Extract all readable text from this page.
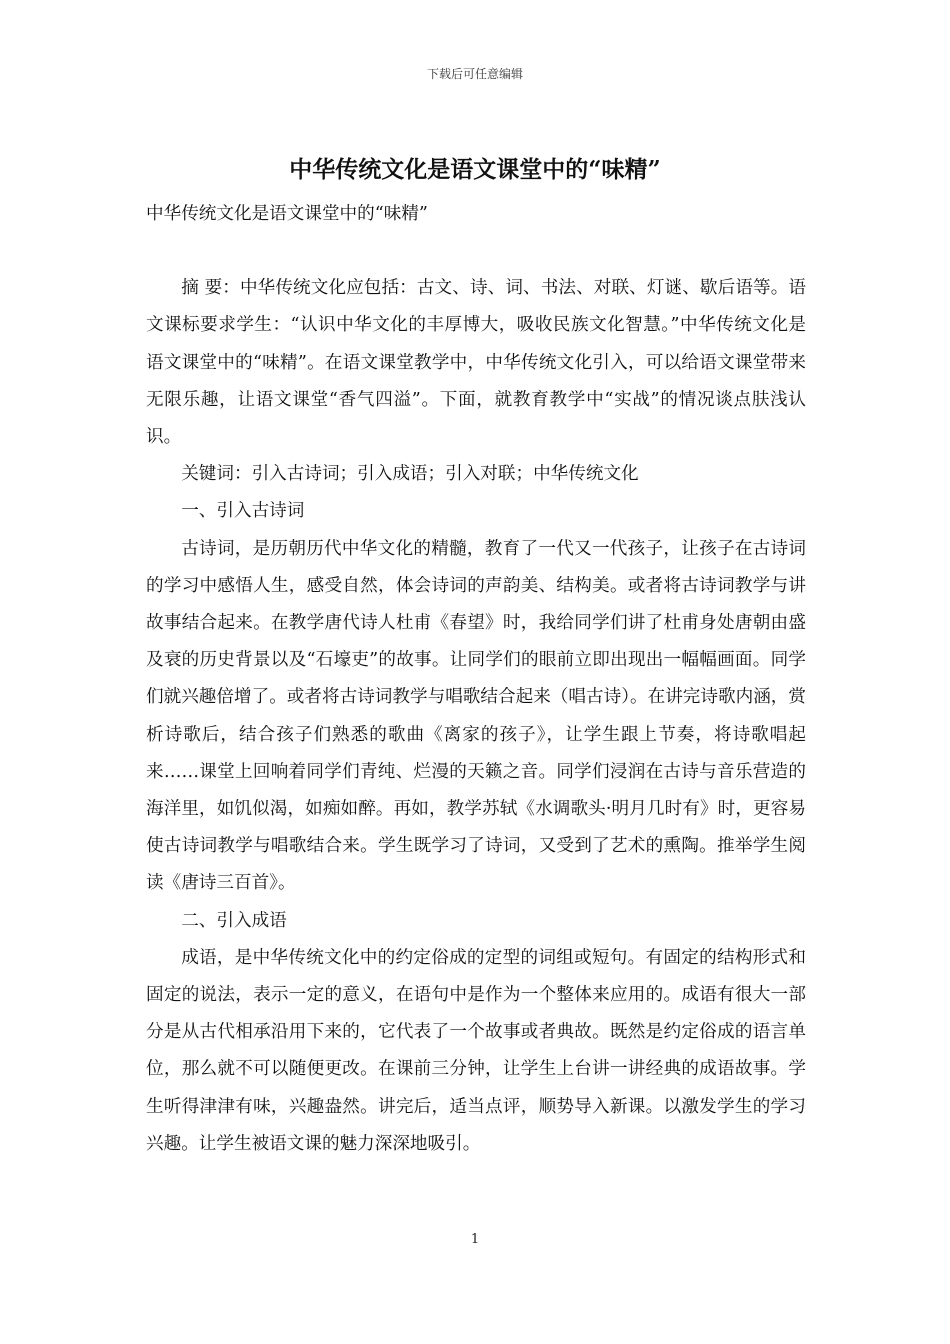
下载后可任意编辑
中华传统文化是语文课堂中的“味精”

中华传统文化是语文课堂中的“味精”

摘 要：中华传统文化应包括：古文、诗、词、书法、对联、灯谜、歇后语等。语文课标要求学生：“认识中华文化的丰厚博大，吸收民族文化智慧。”中华传统文化是语文课堂中的“味精”。在语文课堂教学中，中华传统文化引入，可以给语文课堂带来无限乐趣，让语文课堂“香气四溢”。下面，就教育教学中“实战”的情况谈点肤浅认识。

关键词：引入古诗词；引入成语；引入对联；中华传统文化

一、引入古诗词

古诗词，是历朝历代中华文化的精髓，教育了一代又一代孩子，让孩子在古诗词的学习中感悟人生，感受自然，体会诗词的声韵美、结构美。或者将古诗词教学与讲故事结合起来。在教学唐代诗人杜甫《春望》时，我给同学们讲了杜甫身处唐朝由盛及衰的历史背景以及“石壕吏”的故事。让同学们的眼前立即出现出一幅幅画面。同学们就兴趣倍增了。或者将古诗词教学与唱歌结合起来（唱古诗）。在讲完诗歌内涵，赏析诗歌后，结合孩子们熟悉的歌曲《离家的孩子》，让学生跟上节奏，将诗歌唱起来……课堂上回响着同学们青纯、烂漫的天籁之音。同学们浸润在古诗与音乐营造的海洋里，如饥似渴，如痴如醉。再如，教学苏轼《水调歌头·明月几时有》时，更容易使古诗词教学与唱歌结合来。学生既学习了诗词，又受到了艺术的熏陶。推举学生阅读《唐诗三百首》。

二、引入成语

成语，是中华传统文化中的约定俗成的定型的词组或短句。有固定的结构形式和固定的说法，表示一定的意义，在语句中是作为一个整体来应用的。成语有很大一部分是从古代相承沿用下来的，它代表了一个故事或者典故。既然是约定俗成的语言单位，那么就不可以随便更改。在课前三分钟，让学生上台讲一讲经典的成语故事。学生听得津津有味，兴趣盎然。讲完后，适当点评，顺势导入新课。以激发学生的学习兴趣。让学生被语文课的魅力深深地吸引。

1
